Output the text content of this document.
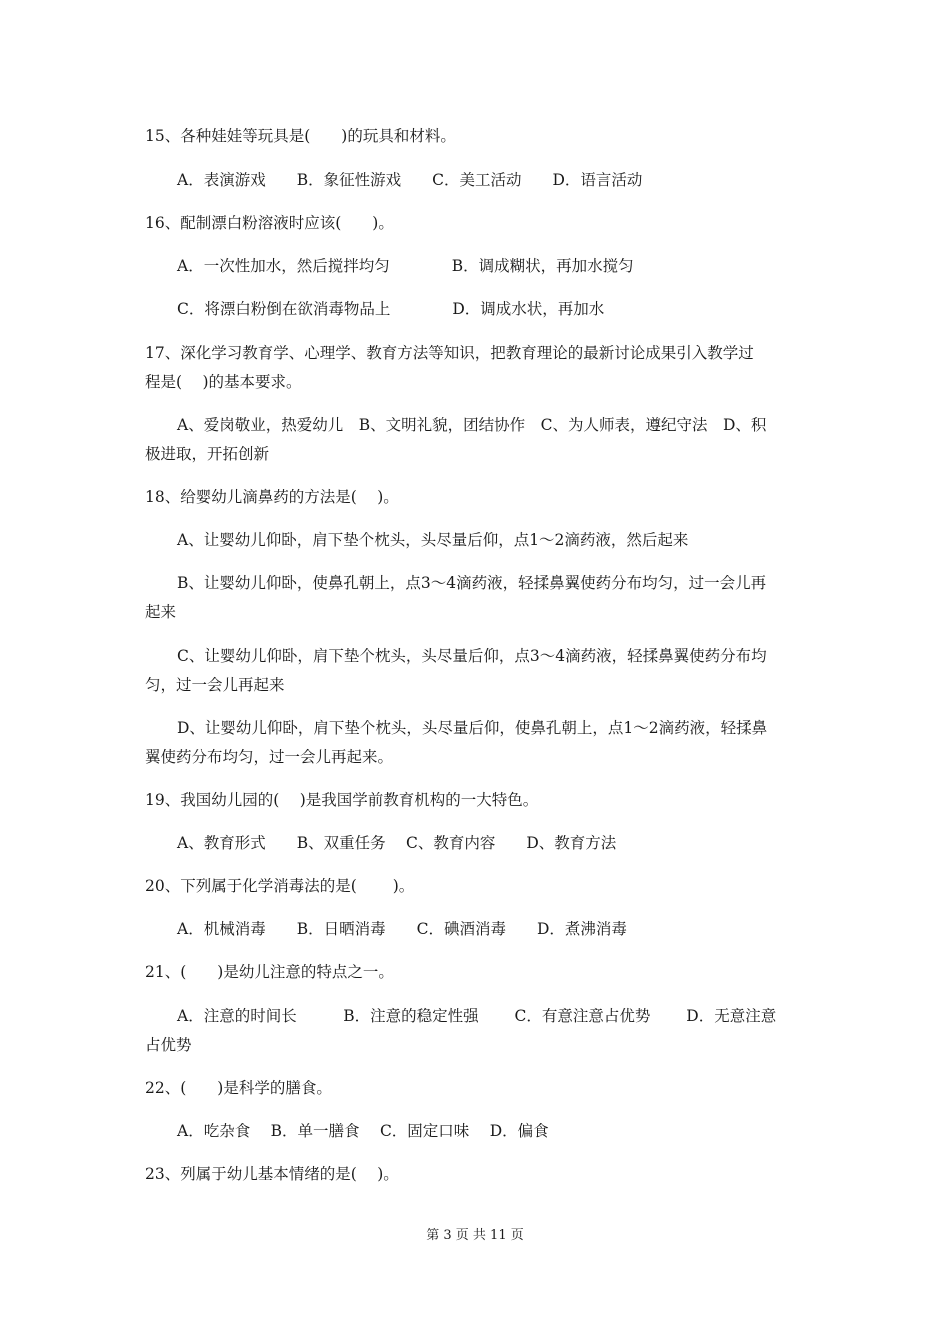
15、各种娃娃等玩具是(　　)的玩具和材料。
A．表演游戏　　B．象征性游戏　　C．美工活动　　D．语言活动
16、配制漂白粉溶液时应该(　　)。
A．一次性加水，然后搅拌均匀　　　　B．调成糊状，再加水搅匀
C．将漂白粉倒在欲消毒物品上　　　　D．调成水状，再加水
17、深化学习教育学、心理学、教育方法等知识，把教育理论的最新讨论成果引入教学过
程是(　 )的基本要求。
A、爱岗敬业，热爱幼儿　B、文明礼貌，团结协作　C、为人师表，遵纪守法　D、积
极进取，开拓创新
18、给婴幼儿滴鼻药的方法是(　 )。
A、让婴幼儿仰卧，肩下垫个枕头，头尽量后仰，点1～2滴药液，然后起来
B、让婴幼儿仰卧，使鼻孔朝上，点3～4滴药液，轻揉鼻翼使药分布均匀，过一会儿再
起来
C、让婴幼儿仰卧，肩下垫个枕头，头尽量后仰，点3～4滴药液，轻揉鼻翼使药分布均
匀，过一会儿再起来
D、让婴幼儿仰卧，肩下垫个枕头，头尽量后仰，使鼻孔朝上，点1～2滴药液，轻揉鼻
翼使药分布均匀，过一会儿再起来。
19、我国幼儿园的(　 )是我国学前教育机构的一大特色。
A、教育形式　　B、双重任务　 C、教育内容　　D、教育方法
20、下列属于化学消毒法的是(　　 )。
A．机械消毒　　B．日晒消毒　　C．碘酒消毒　　D．煮沸消毒
21、(　　)是幼儿注意的特点之一。
A．注意的时间长　　　B．注意的稳定性强　　 C．有意注意占优势　　 D．无意注意
占优势
22、(　　)是科学的膳食。
A．吃杂食　 B．单一膳食　 C．固定口味　 D．偏食
23、列属于幼儿基本情绪的是(　 )。
第 3 页 共 11 页
